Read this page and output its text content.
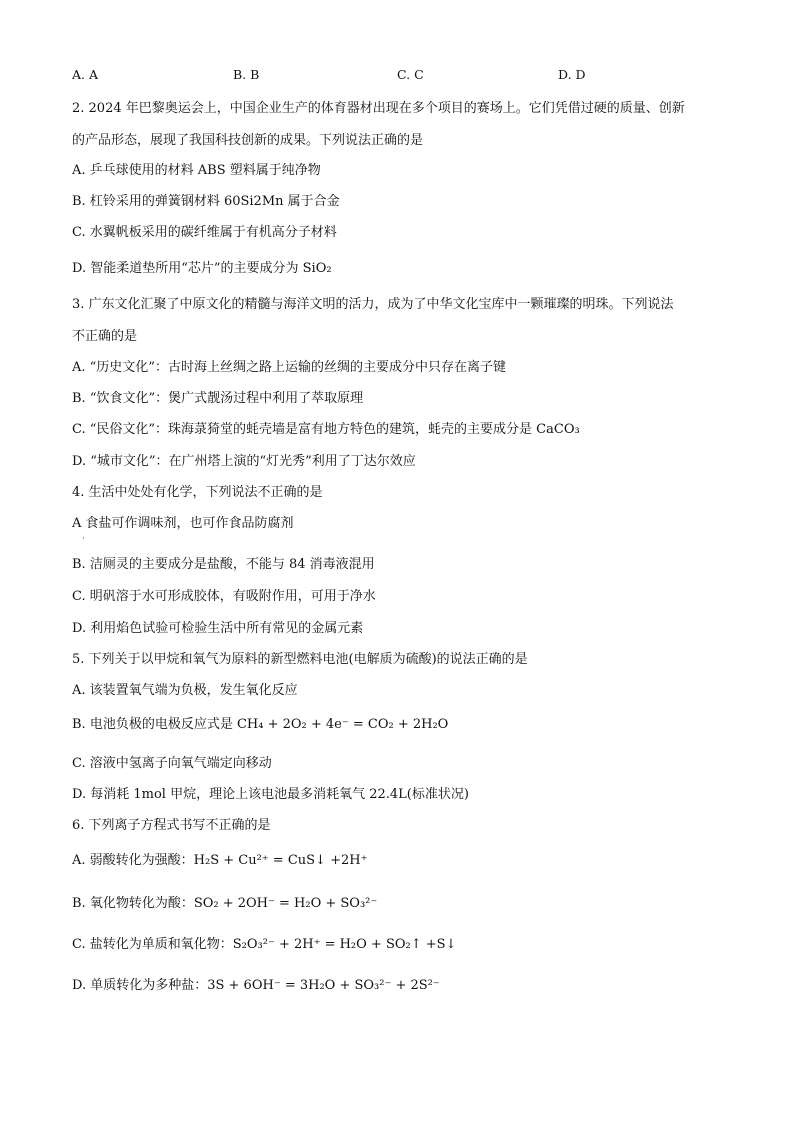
A. A	B. B	C. C	D. D
2. 2024 年巴黎奥运会上，中国企业生产的体育器材出现在多个项目的赛场上。它们凭借过硬的质量、创新
的产品形态，展现了我国科技创新的成果。下列说法正确的是
A. 乒乓球使用的材料 ABS 塑料属于纯净物
B. 杠铃采用的弹簧钢材料 60Si2Mn 属于合金
C. 水翼帆板采用的碳纤维属于有机高分子材料
D. 智能柔道垫所用“芯片”的主要成分为 SiO₂
3. 广东文化汇聚了中原文化的精髓与海洋文明的活力，成为了中华文化宝库中一颗璀璨的明珠。下列说法
不正确的是
A. “历史文化”：古时海上丝绸之路上运输的丝绸的主要成分中只存在离子键
B. “饮食文化”：煲广式靓汤过程中利用了萃取原理
C. “民俗文化”：珠海菉猗堂的蚝壳墙是富有地方特色的建筑，蚝壳的主要成分是 CaCO₃
D. “城市文化”：在广州塔上演的“灯光秀”利用了丁达尔效应
4. 生活中处处有化学，下列说法不正确的是
A 食盐可作调味剂，也可作食品防腐剂
·
B. 洁厕灵的主要成分是盐酸，不能与 84 消毒液混用
C. 明矾溶于水可形成胶体，有吸附作用，可用于净水
D. 利用焰色试验可检验生活中所有常见的金属元素
5. 下列关于以甲烷和氧气为原料的新型燃料电池(电解质为硫酸)的说法正确的是
A. 该装置氧气端为负极，发生氧化反应
B. 电池负极的电极反应式是 CH₄ + 2O₂ + 4e⁻ = CO₂ + 2H₂O
C. 溶液中氢离子向氧气端定向移动
D. 每消耗 1mol 甲烷，理论上该电池最多消耗氧气 22.4L(标准状况)
6. 下列离子方程式书写不正确的是
A. 弱酸转化为强酸：H₂S + Cu²⁺ = CuS↓ +2H⁺
B. 氧化物转化为酸：SO₂ + 2OH⁻ = H₂O + SO₃²⁻
C. 盐转化为单质和氧化物：S₂O₃²⁻ + 2H⁺ = H₂O + SO₂↑ +S↓
D. 单质转化为多种盐：3S + 6OH⁻ = 3H₂O + SO₃²⁻ + 2S²⁻
